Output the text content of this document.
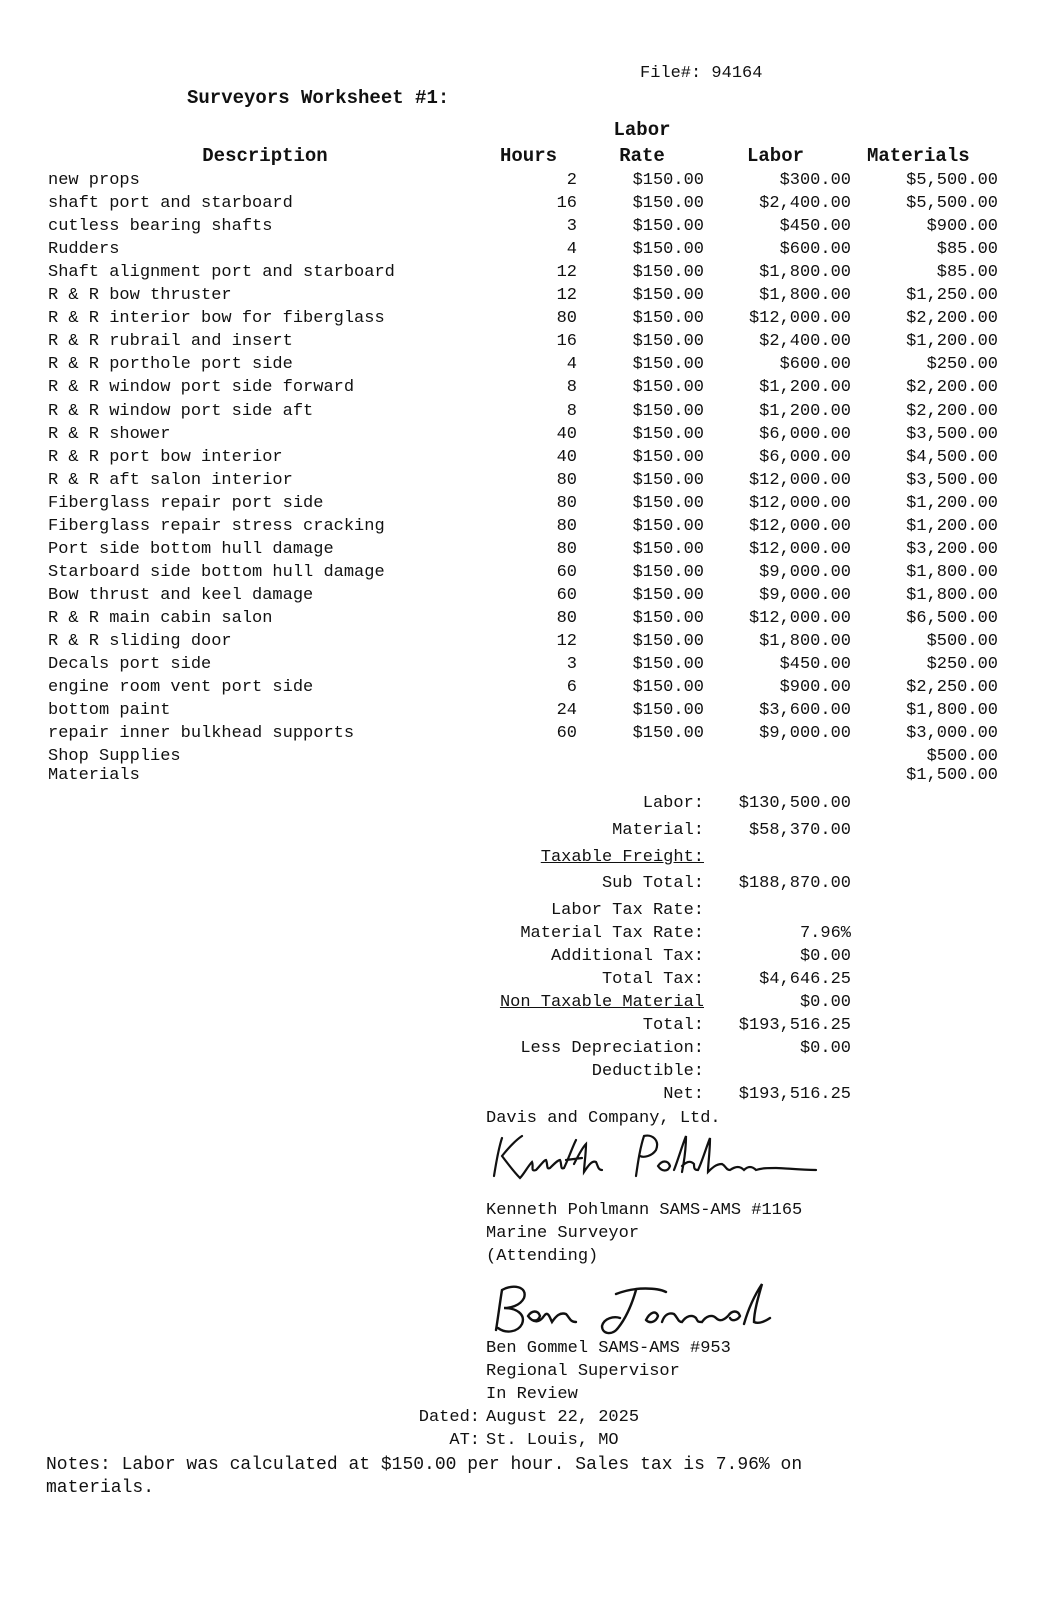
File#: 94164
Surveyors Worksheet #1:
Labor
Description	Hours	Rate	Labor	Materials
new props	2	$150.00	$300.00	$5,500.00
shaft port and starboard	16	$150.00	$2,400.00	$5,500.00
cutless bearing shafts	3	$150.00	$450.00	$900.00
Rudders	4	$150.00	$600.00	$85.00
Shaft alignment port and starboard	12	$150.00	$1,800.00	$85.00
R & R bow thruster	12	$150.00	$1,800.00	$1,250.00
R & R interior bow for fiberglass	80	$150.00	$12,000.00	$2,200.00
R & R rubrail and insert	16	$150.00	$2,400.00	$1,200.00
R & R porthole port side	4	$150.00	$600.00	$250.00
R & R window port side forward	8	$150.00	$1,200.00	$2,200.00
R & R window port side aft	8	$150.00	$1,200.00	$2,200.00
R & R shower	40	$150.00	$6,000.00	$3,500.00
R & R port bow interior	40	$150.00	$6,000.00	$4,500.00
R & R aft salon interior	80	$150.00	$12,000.00	$3,500.00
Fiberglass repair port side	80	$150.00	$12,000.00	$1,200.00
Fiberglass repair stress cracking	80	$150.00	$12,000.00	$1,200.00
Port side bottom hull damage	80	$150.00	$12,000.00	$3,200.00
Starboard side bottom hull damage	60	$150.00	$9,000.00	$1,800.00
Bow thrust and keel damage	60	$150.00	$9,000.00	$1,800.00
R & R main cabin salon	80	$150.00	$12,000.00	$6,500.00
R & R sliding door	12	$150.00	$1,800.00	$500.00
Decals port side	3	$150.00	$450.00	$250.00
engine room vent port side	6	$150.00	$900.00	$2,250.00
bottom paint	24	$150.00	$3,600.00	$1,800.00
repair inner bulkhead supports	60	$150.00	$9,000.00	$3,000.00
Shop Supplies	$500.00
Materials	$1,500.00
Labor:	$130,500.00
Material:	$58,370.00
Taxable Freight:
Sub Total:	$188,870.00
Labor Tax Rate:
Material Tax Rate:	7.96%
Additional Tax:	$0.00
Total Tax:	$4,646.25
Non Taxable Material	$0.00
Total:	$193,516.25
Less Depreciation:	$0.00
Deductible:
Net:	$193,516.25
Davis and Company, Ltd.
Kenneth Pohlmann SAMS-AMS #1165
Marine Surveyor
(Attending)
Ben Gommel SAMS-AMS #953
Regional Supervisor
In Review
Dated: August 22, 2025
AT: St. Louis, MO
Notes: Labor was calculated at $150.00 per hour. Sales tax is 7.96% on
materials.
